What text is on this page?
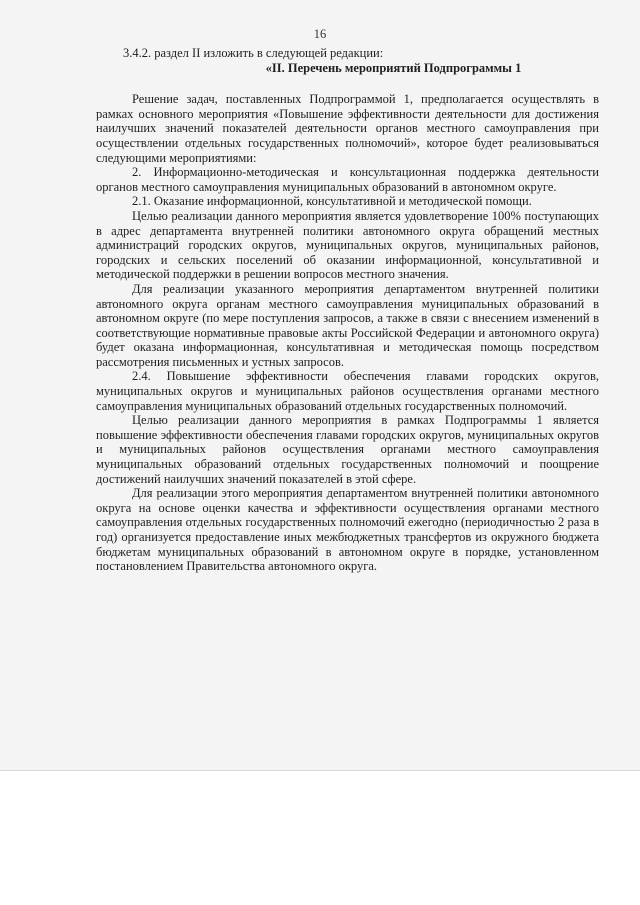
16

3.4.2. раздел II изложить в следующей редакции:

«II. Перечень мероприятий Подпрограммы 1

Решение задач, поставленных Подпрограммой 1, предполагается осуществлять в рамках основного мероприятия «Повышение эффективности деятельности для достижения наилучших значений показателей деятельности органов местного самоуправления при осуществлении отдельных государственных полномочий», которое будет реализовываться следующими мероприятиями:

2. Информационно-методическая и консультационная поддержка деятельности органов местного самоуправления муниципальных образований в автономном округе.

2.1. Оказание информационной, консультативной и методической помощи.

Целью реализации данного мероприятия является удовлетворение 100% поступающих в адрес департамента внутренней политики автономного округа обращений местных администраций городских округов, муниципальных округов, муниципальных районов, городских и сельских поселений об оказании информационной, консультативной и методической поддержки в решении вопросов местного значения.

Для реализации указанного мероприятия департаментом внутренней политики автономного округа органам местного самоуправления муниципальных образований в автономном округе (по мере поступления запросов, а также в связи с внесением изменений в соответствующие нормативные правовые акты Российской Федерации и автономного округа) будет оказана информационная, консультативная и методическая помощь посредством рассмотрения письменных и устных запросов.

2.4. Повышение эффективности обеспечения главами городских округов, муниципальных округов и муниципальных районов осуществления органами местного самоуправления муниципальных образований отдельных государственных полномочий.

Целью реализации данного мероприятия в рамках Подпрограммы 1 является повышение эффективности обеспечения главами городских округов, муниципальных округов и муниципальных районов осуществления органами местного самоуправления муниципальных образований отдельных государственных полномочий и поощрение достижений наилучших значений показателей в этой сфере.

Для реализации этого мероприятия департаментом внутренней политики автономного округа на основе оценки качества и эффективности осуществления органами местного самоуправления отдельных государственных полномочий ежегодно (периодичностью 2 раза в год) организуется предоставление иных межбюджетных трансфертов из окружного бюджета бюджетам муниципальных образований в автономном округе в порядке, установленном постановлением Правительства автономного округа.
